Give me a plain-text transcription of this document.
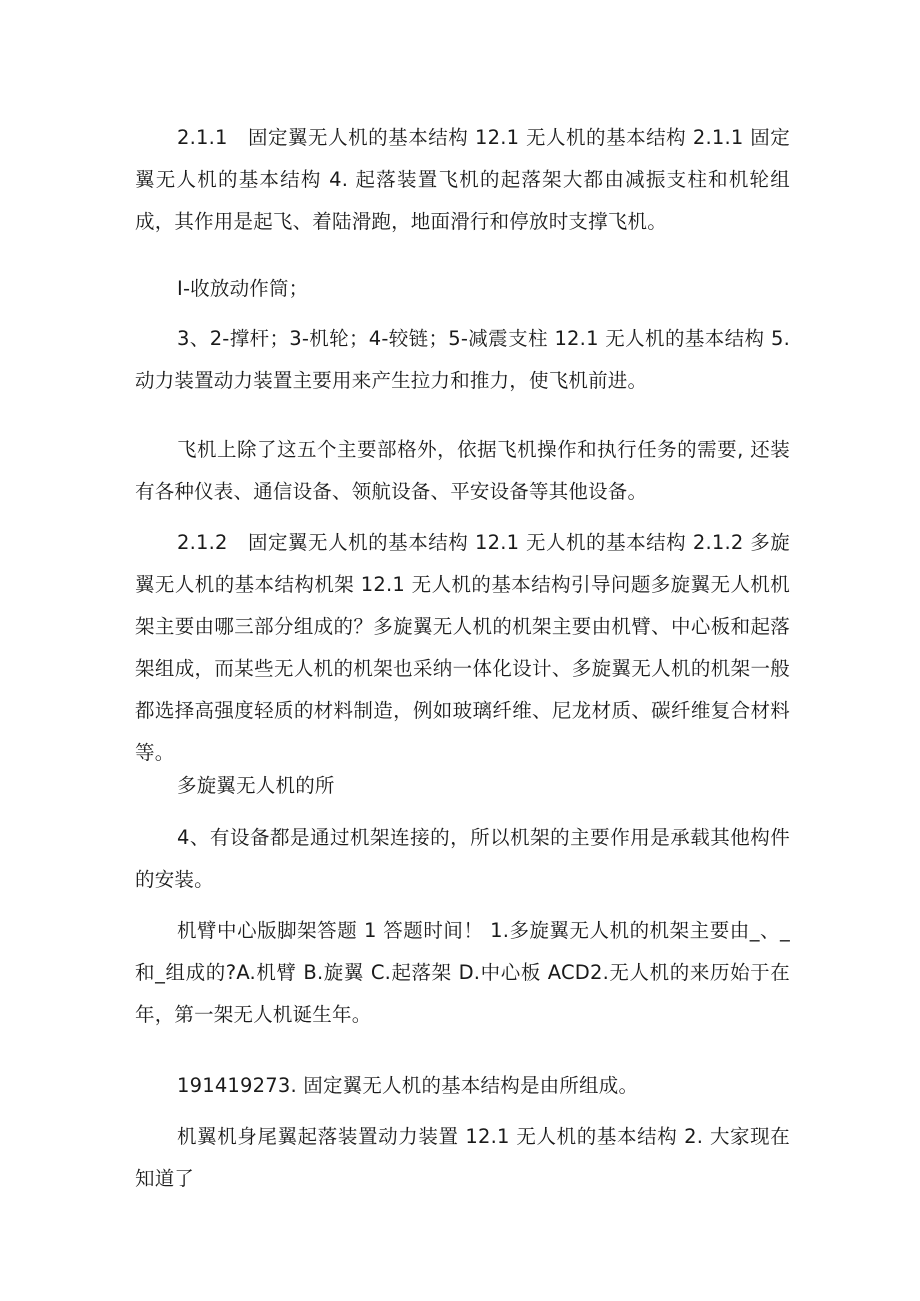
2.1.1　固定翼无人机的基本结构 12.1 无人机的基本结构 2.1.1 固定翼无人机的基本结构 4. 起落装置飞机的起落架大都由减振支柱和机轮组成，其作用是起飞、着陆滑跑，地面滑行和停放时支撑飞机。

I-收放动作筒；

3、2-撑杆；3-机轮；4-较链；5-减震支柱 12.1 无人机的基本结构 5. 动力装置动力装置主要用来产生拉力和推力，使飞机前进。

飞机上除了这五个主要部格外，依据飞机操作和执行任务的需要, 还装有各种仪表、通信设备、领航设备、平安设备等其他设备。

2.1.2　固定翼无人机的基本结构 12.1 无人机的基本结构 2.1.2 多旋翼无人机的基本结构机架 12.1 无人机的基本结构引导问题多旋翼无人机机架主要由哪三部分组成的？多旋翼无人机的机架主要由机臂、中心板和起落架组成，而某些无人机的机架也采纳一体化设计、多旋翼无人机的机架一般都选择高强度轻质的材料制造，例如玻璃纤维、尼龙材质、碳纤维复合材料等。

多旋翼无人机的所

4、有设备都是通过机架连接的，所以机架的主要作用是承载其他构件的安装。

机臂中心版脚架答题 1 答题时间！ 1.多旋翼无人机的机架主要由_、_和_组成的?A.机臂 B.旋翼 C.起落架 D.中心板 ACD2.无人机的来历始于在年，第一架无人机诞生年。

191419273. 固定翼无人机的基本结构是由所组成。

机翼机身尾翼起落装置动力装置 12.1 无人机的基本结构 2. 大家现在知道了
